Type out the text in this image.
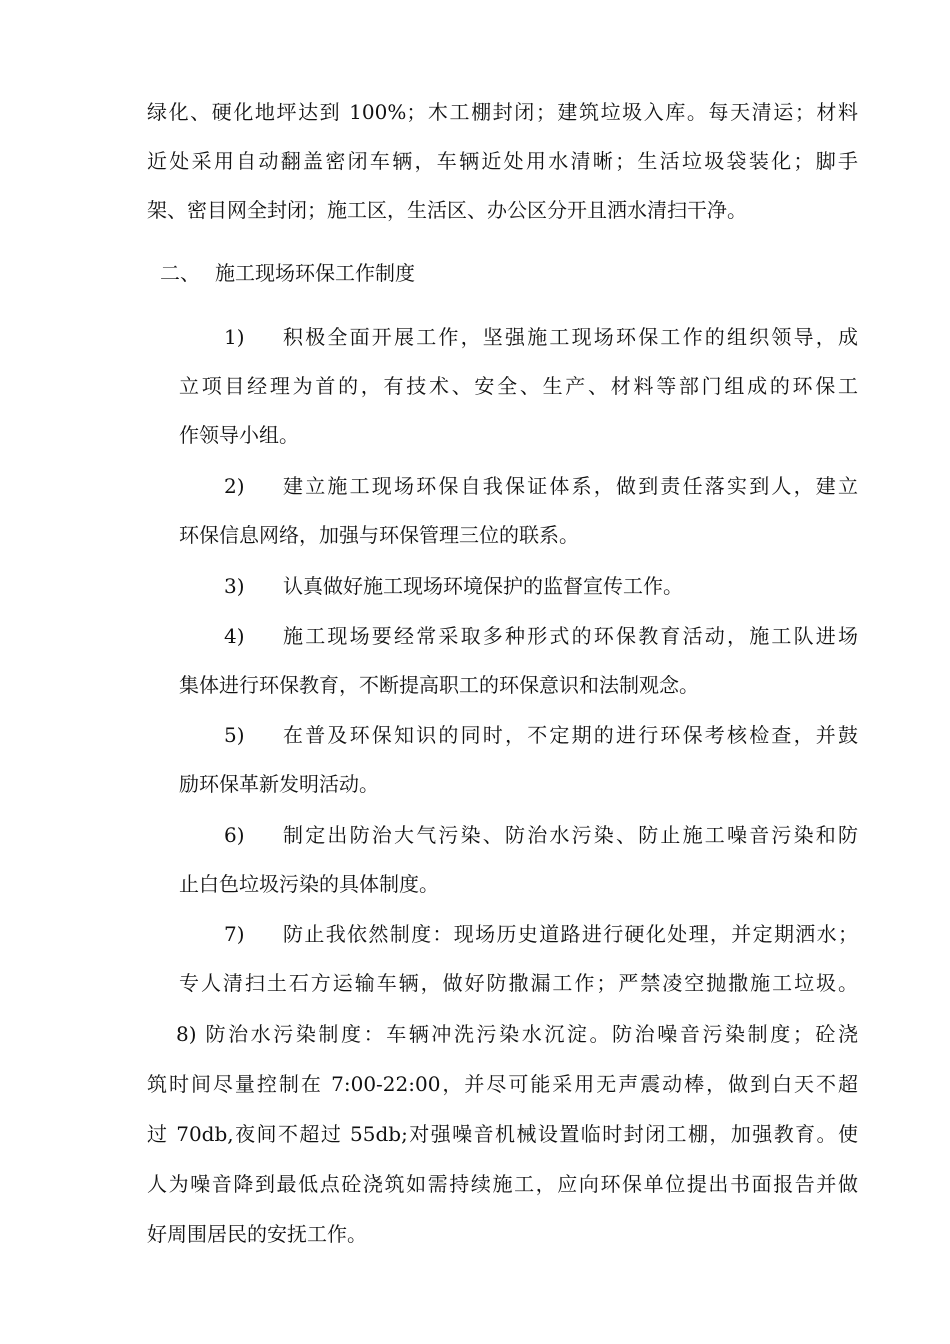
绿化、硬化地坪达到 100%；木工棚封闭；建筑垃圾入库。每天清运；材料
近处采用自动翻盖密闭车辆，车辆近处用水清晰；生活垃圾袋装化；脚手
架、密目网全封闭；施工区，生活区、办公区分开且洒水清扫干净。
二、 施工现场环保工作制度
1) 积极全面开展工作，坚强施工现场环保工作的组织领导，成
立项目经理为首的，有技术、安全、生产、材料等部门组成的环保工
作领导小组。
2) 建立施工现场环保自我保证体系，做到责任落实到人，建立
环保信息网络，加强与环保管理三位的联系。
3) 认真做好施工现场环境保护的监督宣传工作。
4) 施工现场要经常采取多种形式的环保教育活动，施工队进场
集体进行环保教育，不断提高职工的环保意识和法制观念。
5) 在普及环保知识的同时，不定期的进行环保考核检查，并鼓
励环保革新发明活动。
6) 制定出防治大气污染、防治水污染、防止施工噪音污染和防
止白色垃圾污染的具体制度。
7) 防止我依然制度：现场历史道路进行硬化处理，并定期洒水；
专人清扫土石方运输车辆，做好防撒漏工作；严禁凌空抛撒施工垃圾。
8) 防治水污染制度：车辆冲洗污染水沉淀。防治噪音污染制度；砼浇
筑时间尽量控制在 7:00-22:00，并尽可能采用无声震动棒，做到白天不超
过 70db,夜间不超过 55db;对强噪音机械设置临时封闭工棚，加强教育。使
人为噪音降到最低点砼浇筑如需持续施工，应向环保单位提出书面报告并做
好周围居民的安抚工作。
